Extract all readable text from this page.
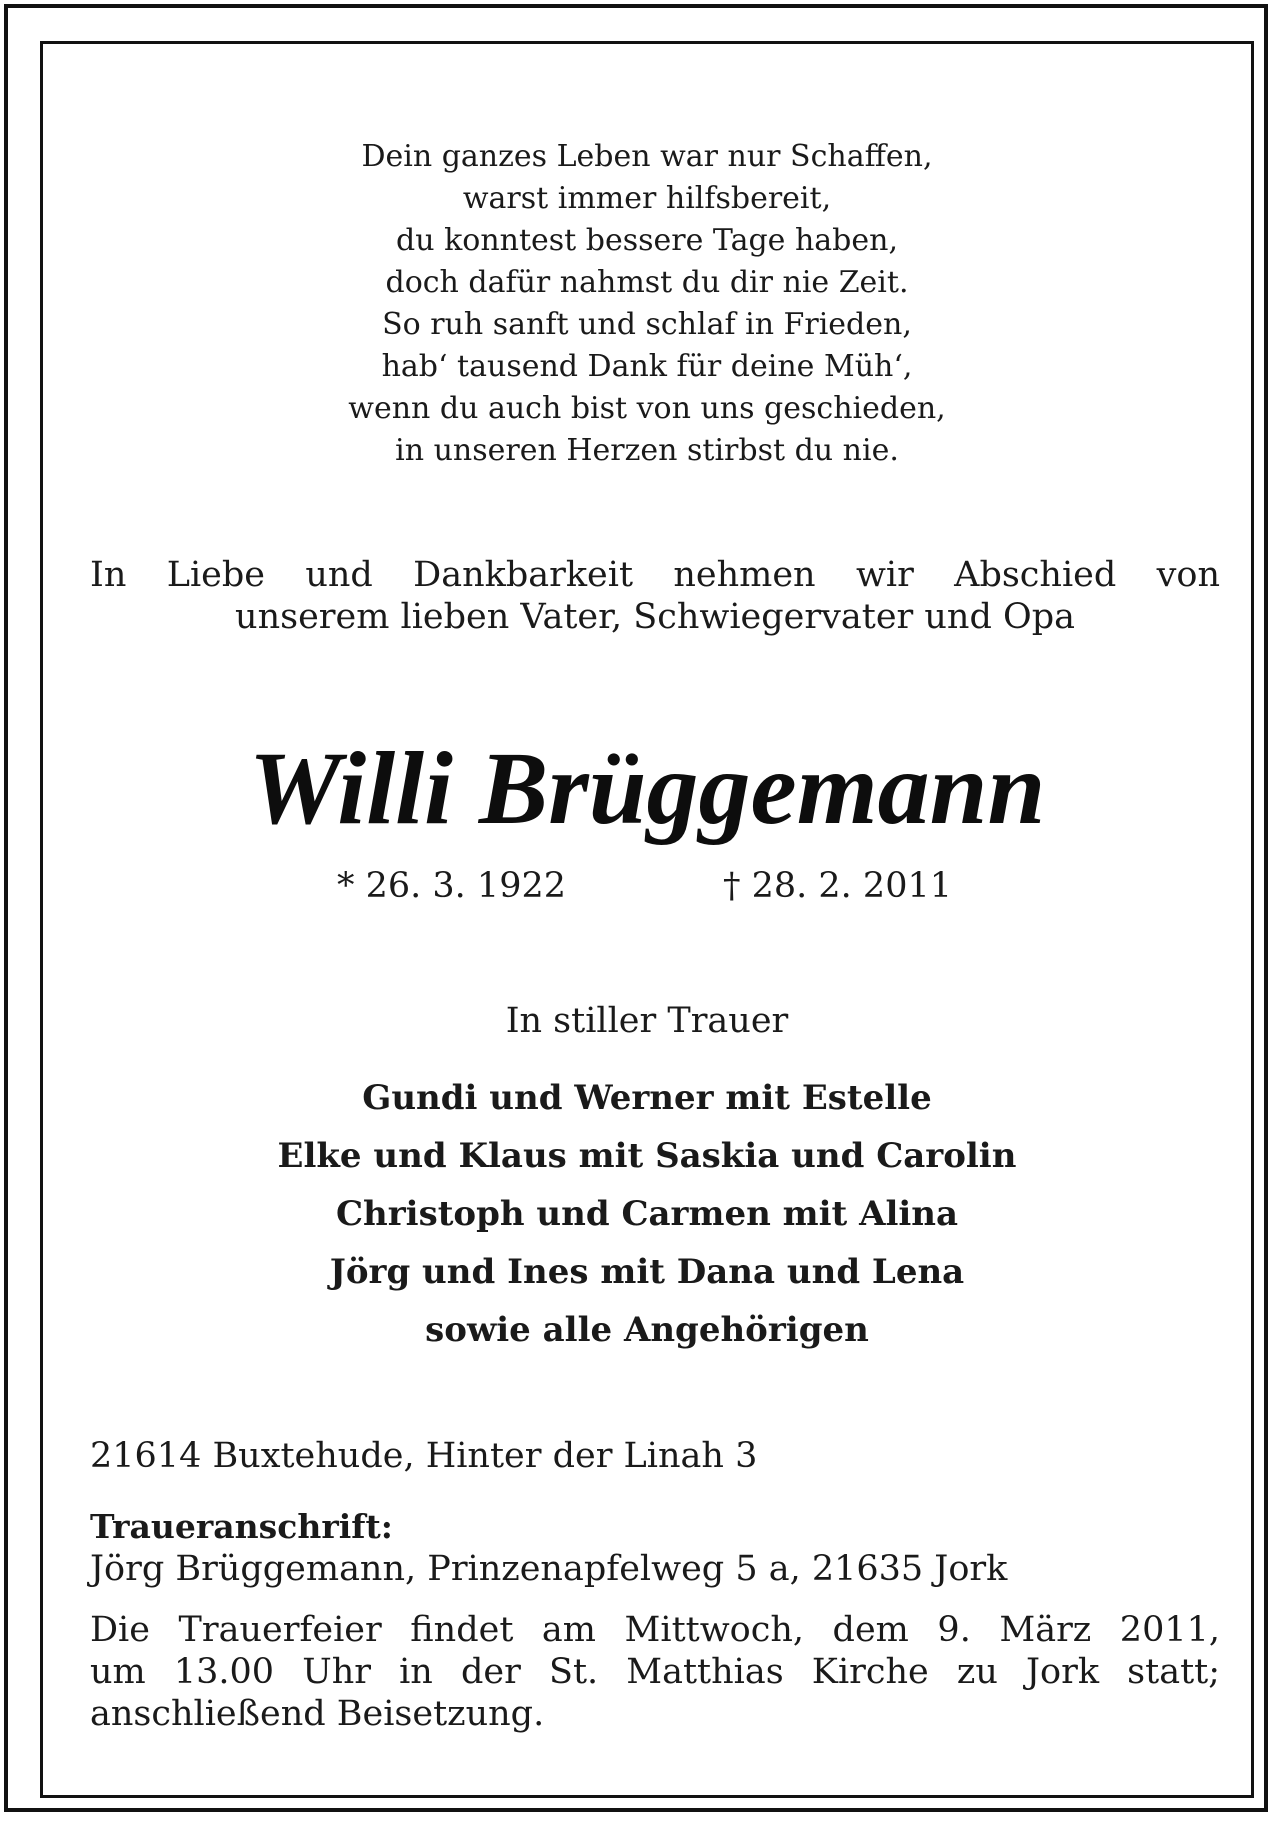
Dein ganzes Leben war nur Schaffen,
warst immer hilfsbereit,
du konntest bessere Tage haben,
doch dafür nahmst du dir nie Zeit.
So ruh sanft und schlaf in Frieden,
hab‘ tausend Dank für deine Müh‘,
wenn du auch bist von uns geschieden,
in unseren Herzen stirbst du nie.
In Liebe und Dankbarkeit nehmen wir Abschied von
unserem lieben Vater, Schwiegervater und Opa
Willi Brüggemann
* 26. 3. 1922	† 28. 2. 2011
In stiller Trauer
Gundi und Werner mit Estelle
Elke und Klaus mit Saskia und Carolin
Christoph und Carmen mit Alina
Jörg und Ines mit Dana und Lena
sowie alle Angehörigen
21614 Buxtehude, Hinter der Linah 3
Traueranschrift:
Jörg Brüggemann, Prinzenapfelweg 5 a, 21635 Jork
Die Trauerfeier findet am Mittwoch, dem 9. März 2011,
um 13.00 Uhr in der St. Matthias Kirche zu Jork statt;
anschließend Beisetzung.
